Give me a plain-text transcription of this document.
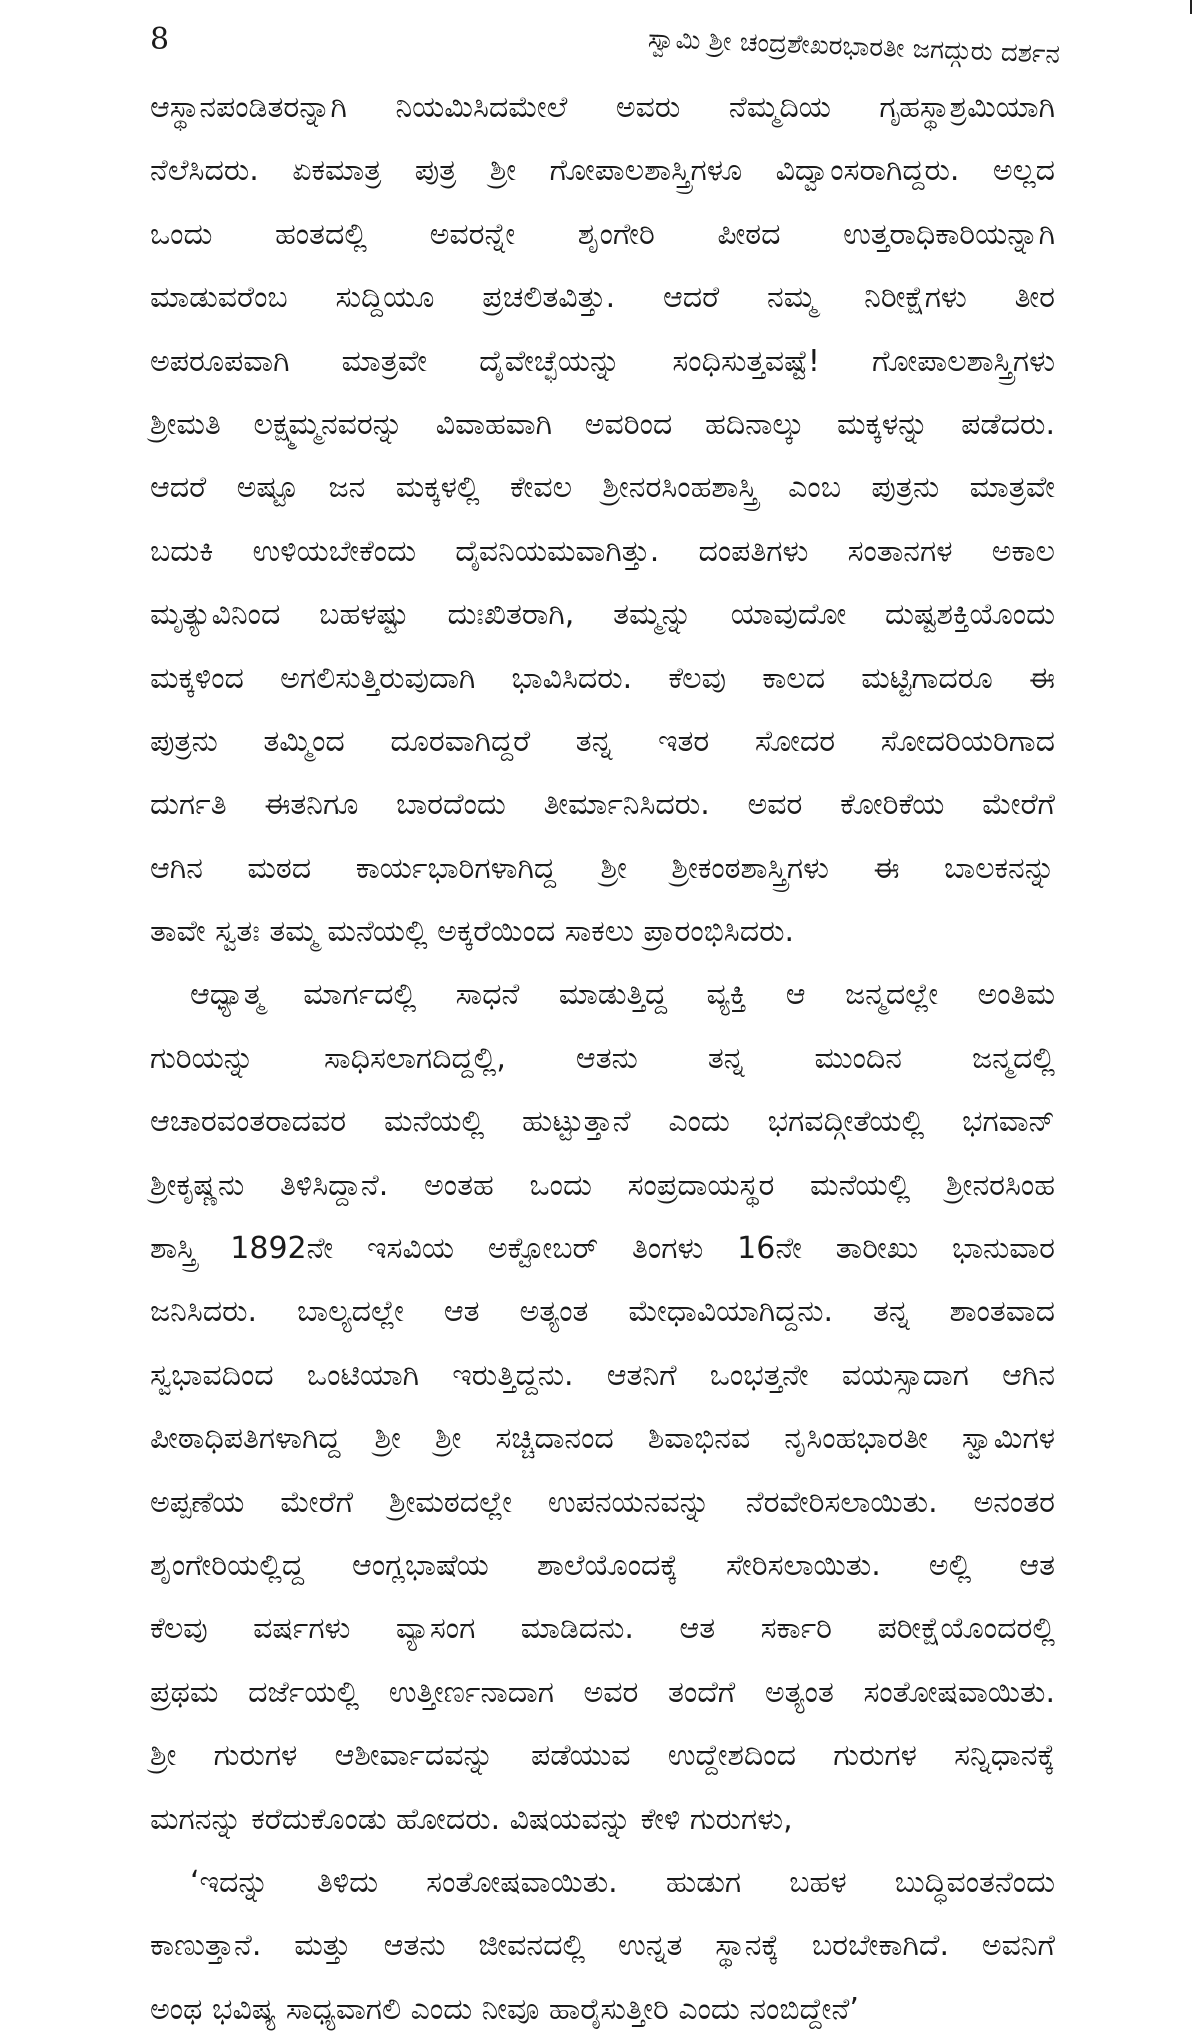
8	ಸ್ವಾಮಿ ಶ್ರೀ ಚಂದ್ರಶೇಖರಭಾರತೀ ಜಗದ್ಗುರು ದರ್ಶನ
ಆಸ್ಥಾನಪಂಡಿತರನ್ನಾಗಿ ನಿಯಮಿಸಿದಮೇಲೆ ಅವರು ನೆಮ್ಮದಿಯ ಗೃಹಸ್ಥಾಶ್ರಮಿಯಾಗಿ
ನೆಲೆಸಿದರು. ಏಕಮಾತ್ರ ಪುತ್ರ ಶ್ರೀ ಗೋಪಾಲಶಾಸ್ತ್ರಿಗಳೂ ವಿದ್ವಾಂಸರಾಗಿದ್ದರು. ಅಲ್ಲದ
ಒಂದು ಹಂತದಲ್ಲಿ ಅವರನ್ನೇ ಶೃಂಗೇರಿ ಪೀಠದ ಉತ್ತರಾಧಿಕಾರಿಯನ್ನಾಗಿ
ಮಾಡುವರೆಂಬ ಸುದ್ದಿಯೂ ಪ್ರಚಲಿತವಿತ್ತು. ಆದರೆ ನಮ್ಮ ನಿರೀಕ್ಷೆಗಳು ತೀರ
ಅಪರೂಪವಾಗಿ ಮಾತ್ರವೇ ದೈವೇಚ್ಛೆಯನ್ನು ಸಂಧಿಸುತ್ತವಷ್ಟೆ! ಗೋಪಾಲಶಾಸ್ತ್ರಿಗಳು
ಶ್ರೀಮತಿ ಲಕ್ಷ್ಮಮ್ಮನವರನ್ನು ವಿವಾಹವಾಗಿ ಅವರಿಂದ ಹದಿನಾಲ್ಕು ಮಕ್ಕಳನ್ನು ಪಡೆದರು.
ಆದರೆ ಅಷ್ಟೂ ಜನ ಮಕ್ಕಳಲ್ಲಿ ಕೇವಲ ಶ್ರೀನರಸಿಂಹಶಾಸ್ತ್ರಿ ಎಂಬ ಪುತ್ರನು ಮಾತ್ರವೇ
ಬದುಕಿ ಉಳಿಯಬೇಕೆಂದು ದೈವನಿಯಮವಾಗಿತ್ತು. ದಂಪತಿಗಳು ಸಂತಾನಗಳ ಅಕಾಲ
ಮೃತ್ಯುವಿನಿಂದ ಬಹಳಷ್ಟು ದುಃಖಿತರಾಗಿ, ತಮ್ಮನ್ನು ಯಾವುದೋ ದುಷ್ಟಶಕ್ತಿಯೊಂದು
ಮಕ್ಕಳಿಂದ ಅಗಲಿಸುತ್ತಿರುವುದಾಗಿ ಭಾವಿಸಿದರು. ಕೆಲವು ಕಾಲದ ಮಟ್ಟಿಗಾದರೂ ಈ
ಪುತ್ರನು ತಮ್ಮಿಂದ ದೂರವಾಗಿದ್ದರೆ ತನ್ನ ಇತರ ಸೋದರ ಸೋದರಿಯರಿಗಾದ
ದುರ್ಗತಿ ಈತನಿಗೂ ಬಾರದೆಂದು ತೀರ್ಮಾನಿಸಿದರು. ಅವರ ಕೋರಿಕೆಯ ಮೇರೆಗೆ
ಆಗಿನ ಮಠದ ಕಾರ್ಯಭಾರಿಗಳಾಗಿದ್ದ ಶ್ರೀ ಶ್ರೀಕಂಠಶಾಸ್ತ್ರಿಗಳು ಈ ಬಾಲಕನನ್ನು
ತಾವೇ ಸ್ವತಃ ತಮ್ಮ ಮನೆಯಲ್ಲಿ ಅಕ್ಕರೆಯಿಂದ ಸಾಕಲು ಪ್ರಾರಂಭಿಸಿದರು.
ಆಧ್ಯಾತ್ಮ ಮಾರ್ಗದಲ್ಲಿ ಸಾಧನೆ ಮಾಡುತ್ತಿದ್ದ ವ್ಯಕ್ತಿ ಆ ಜನ್ಮದಲ್ಲೇ ಅಂತಿಮ
ಗುರಿಯನ್ನು ಸಾಧಿಸಲಾಗದಿದ್ದಲ್ಲಿ, ಆತನು ತನ್ನ ಮುಂದಿನ ಜನ್ಮದಲ್ಲಿ
ಆಚಾರವಂತರಾದವರ ಮನೆಯಲ್ಲಿ ಹುಟ್ಟುತ್ತಾನೆ ಎಂದು ಭಗವದ್ಗೀತೆಯಲ್ಲಿ ಭಗವಾನ್
ಶ್ರೀಕೃಷ್ಣನು ತಿಳಿಸಿದ್ದಾನೆ. ಅಂತಹ ಒಂದು ಸಂಪ್ರದಾಯಸ್ಥರ ಮನೆಯಲ್ಲಿ ಶ್ರೀನರಸಿಂಹ
ಶಾಸ್ತ್ರಿ 1892ನೇ ಇಸವಿಯ ಅಕ್ಟೋಬರ್ ತಿಂಗಳು 16ನೇ ತಾರೀಖು ಭಾನುವಾರ
ಜನಿಸಿದರು. ಬಾಲ್ಯದಲ್ಲೇ ಆತ ಅತ್ಯಂತ ಮೇಧಾವಿಯಾಗಿದ್ದನು. ತನ್ನ ಶಾಂತವಾದ
ಸ್ವಭಾವದಿಂದ ಒಂಟಿಯಾಗಿ ಇರುತ್ತಿದ್ದನು. ಆತನಿಗೆ ಒಂಭತ್ತನೇ ವಯಸ್ಸಾದಾಗ ಆಗಿನ
ಪೀಠಾಧಿಪತಿಗಳಾಗಿದ್ದ ಶ್ರೀ ಶ್ರೀ ಸಚ್ಚಿದಾನಂದ ಶಿವಾಭಿನವ ನೃಸಿಂಹಭಾರತೀ ಸ್ವಾಮಿಗಳ
ಅಪ್ಪಣೆಯ ಮೇರೆಗೆ ಶ್ರೀಮಠದಲ್ಲೇ ಉಪನಯನವನ್ನು ನೆರವೇರಿಸಲಾಯಿತು. ಅನಂತರ
ಶೃಂಗೇರಿಯಲ್ಲಿದ್ದ ಆಂಗ್ಲಭಾಷೆಯ ಶಾಲೆಯೊಂದಕ್ಕೆ ಸೇರಿಸಲಾಯಿತು. ಅಲ್ಲಿ ಆತ
ಕೆಲವು ವರ್ಷಗಳು ವ್ಯಾಸಂಗ ಮಾಡಿದನು. ಆತ ಸರ್ಕಾರಿ ಪರೀಕ್ಷೆಯೊಂದರಲ್ಲಿ
ಪ್ರಥಮ ದರ್ಜೆಯಲ್ಲಿ ಉತ್ತೀರ್ಣನಾದಾಗ ಅವರ ತಂದೆಗೆ ಅತ್ಯಂತ ಸಂತೋಷವಾಯಿತು.
ಶ್ರೀ ಗುರುಗಳ ಆಶೀರ್ವಾದವನ್ನು ಪಡೆಯುವ ಉದ್ದೇಶದಿಂದ ಗುರುಗಳ ಸನ್ನಿಧಾನಕ್ಕೆ
ಮಗನನ್ನು ಕರೆದುಕೊಂಡು ಹೋದರು. ವಿಷಯವನ್ನು ಕೇಳಿ ಗುರುಗಳು,
‘ಇದನ್ನು ತಿಳಿದು ಸಂತೋಷವಾಯಿತು. ಹುಡುಗ ಬಹಳ ಬುದ್ಧಿವಂತನೆಂದು
ಕಾಣುತ್ತಾನೆ. ಮತ್ತು ಆತನು ಜೀವನದಲ್ಲಿ ಉನ್ನತ ಸ್ಥಾನಕ್ಕೆ ಬರಬೇಕಾಗಿದೆ. ಅವನಿಗೆ
ಅಂಥ ಭವಿಷ್ಯ ಸಾಧ್ಯವಾಗಲಿ ಎಂದು ನೀವೂ ಹಾರೈಸುತ್ತೀರಿ ಎಂದು ನಂಬಿದ್ದೇನೆ’
